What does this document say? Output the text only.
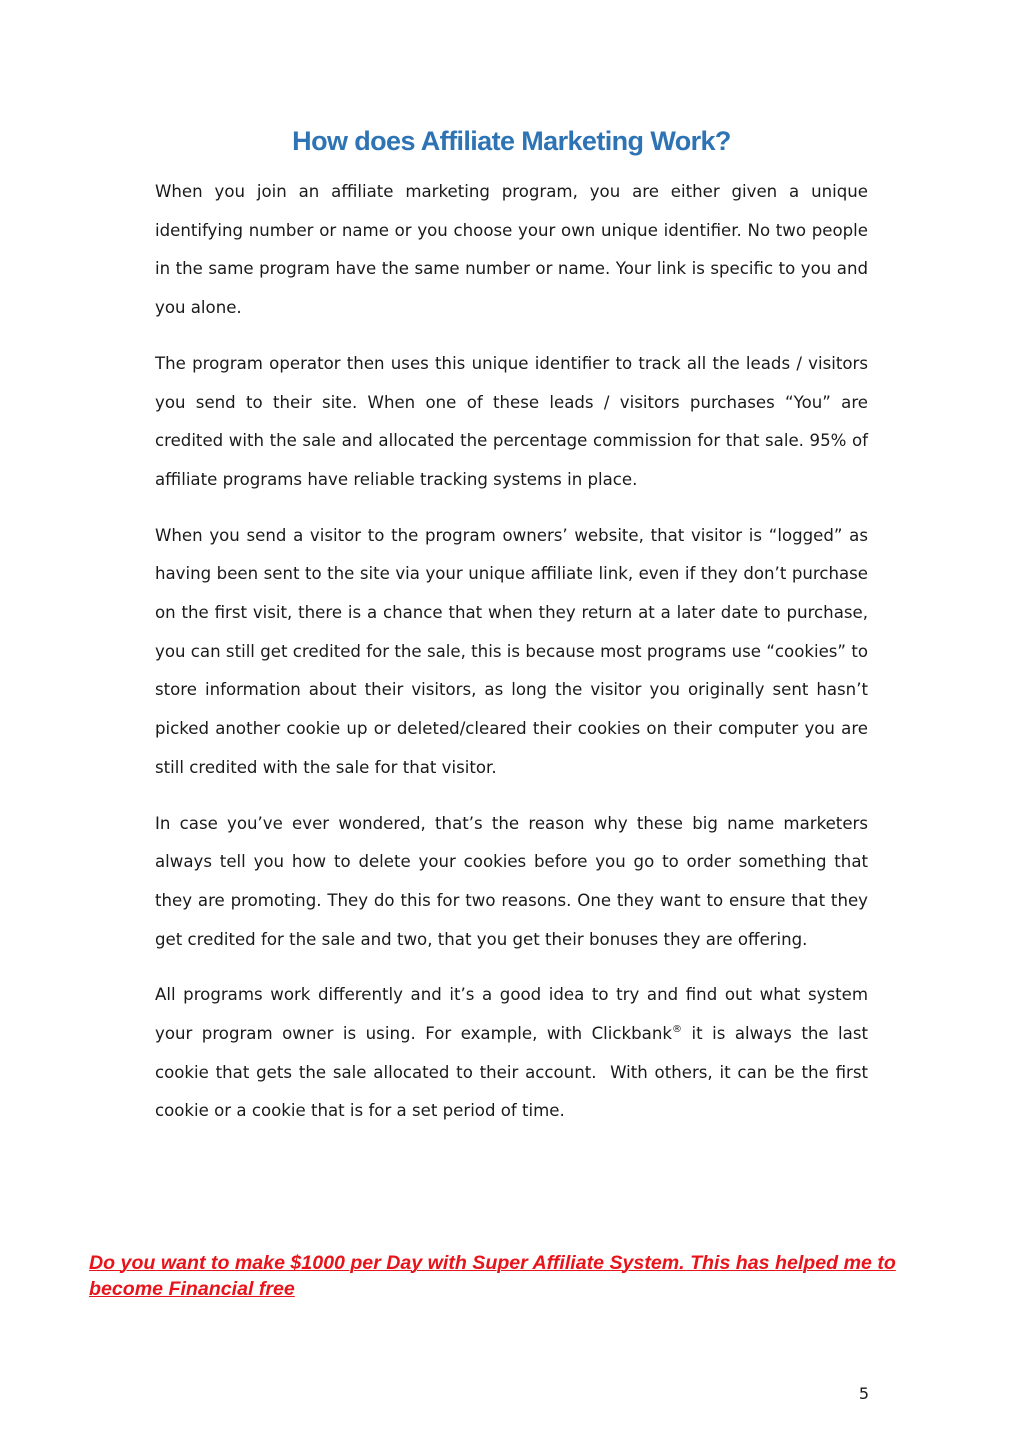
How does Affiliate Marketing Work?

When you join an affiliate marketing program, you are either given a unique identifying number or name or you choose your own unique identifier. No two people in the same program have the same number or name. Your link is specific to you and you alone.

The program operator then uses this unique identifier to track all the leads / visitors you send to their site. When one of these leads / visitors purchases “You” are credited with the sale and allocated the percentage commission for that sale. 95% of affiliate programs have reliable tracking systems in place.

When you send a visitor to the program owners’ website, that visitor is “logged” as having been sent to the site via your unique affiliate link, even if they don’t purchase on the first visit, there is a chance that when they return at a later date to purchase, you can still get credited for the sale, this is because most programs use “cookies” to store information about their visitors, as long the visitor you originally sent hasn’t picked another cookie up or deleted/cleared their cookies on their computer you are still credited with the sale for that visitor.

In case you’ve ever wondered, that’s the reason why these big name marketers always tell you how to delete your cookies before you go to order something that they are promoting. They do this for two reasons. One they want to ensure that they get credited for the sale and two, that you get their bonuses they are offering.

All programs work differently and it’s a good idea to try and find out what system your program owner is using. For example, with Clickbank® it is always the last cookie that gets the sale allocated to their account.  With others, it can be the first cookie or a cookie that is for a set period of time.

Do you want to make $1000 per Day with Super Affiliate System. This has helped me to become Financial free
5
